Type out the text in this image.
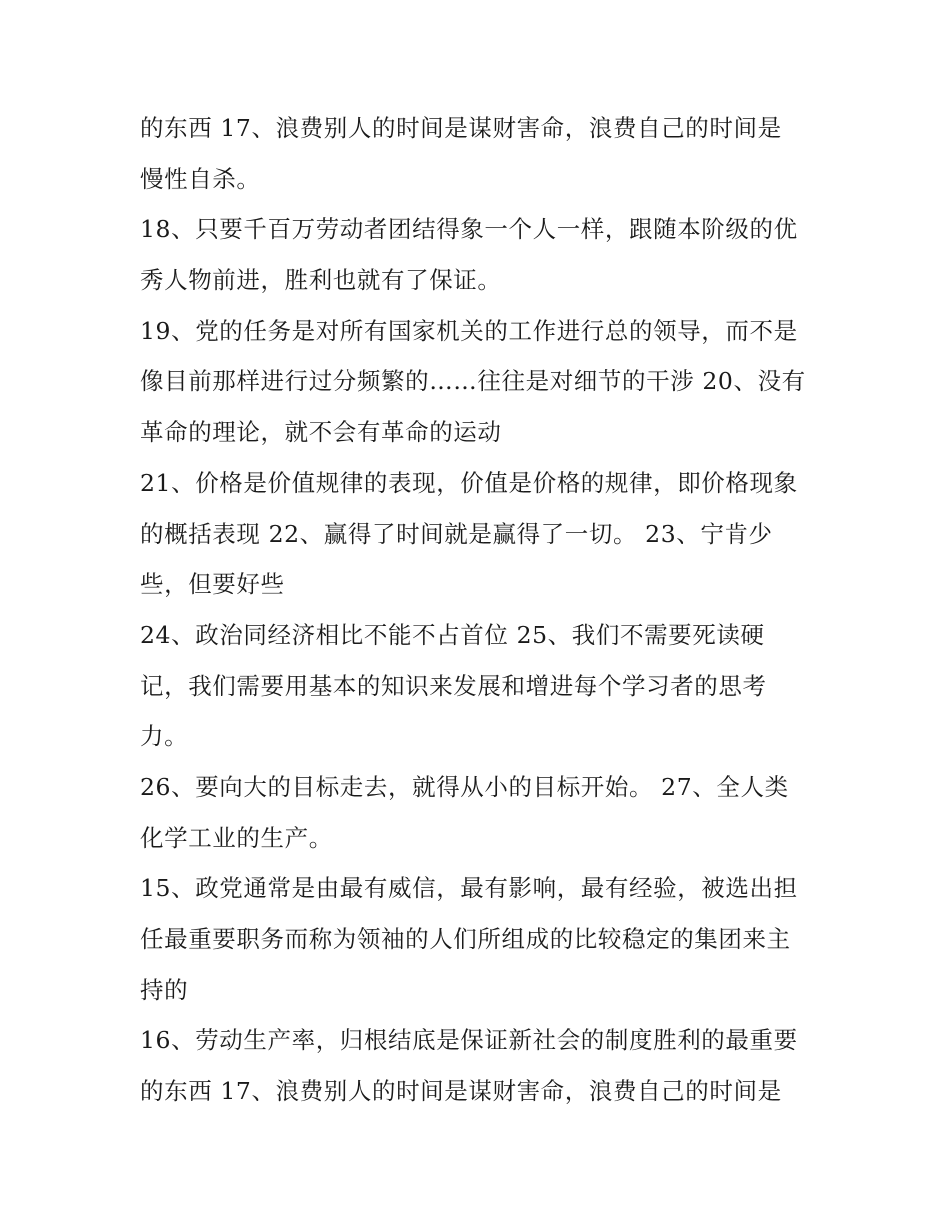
的东西 17、浪费别人的时间是谋财害命，浪费自己的时间是
慢性自杀。
18、只要千百万劳动者团结得象一个人一样，跟随本阶级的优
秀人物前进，胜利也就有了保证。
19、党的任务是对所有国家机关的工作进行总的领导，而不是
像目前那样进行过分频繁的……往往是对细节的干涉 20、没有
革命的理论，就不会有革命的运动
21、价格是价值规律的表现，价值是价格的规律，即价格现象
的概括表现 22、赢得了时间就是赢得了一切。 23、宁肯少
些，但要好些
24、政治同经济相比不能不占首位 25、我们不需要死读硬
记，我们需要用基本的知识来发展和增进每个学习者的思考
力。
26、要向大的目标走去，就得从小的目标开始。 27、全人类
化学工业的生产。
15、政党通常是由最有威信，最有影响，最有经验，被选出担
任最重要职务而称为领袖的人们所组成的比较稳定的集团来主
持的
16、劳动生产率，归根结底是保证新社会的制度胜利的最重要
的东西 17、浪费别人的时间是谋财害命，浪费自己的时间是
